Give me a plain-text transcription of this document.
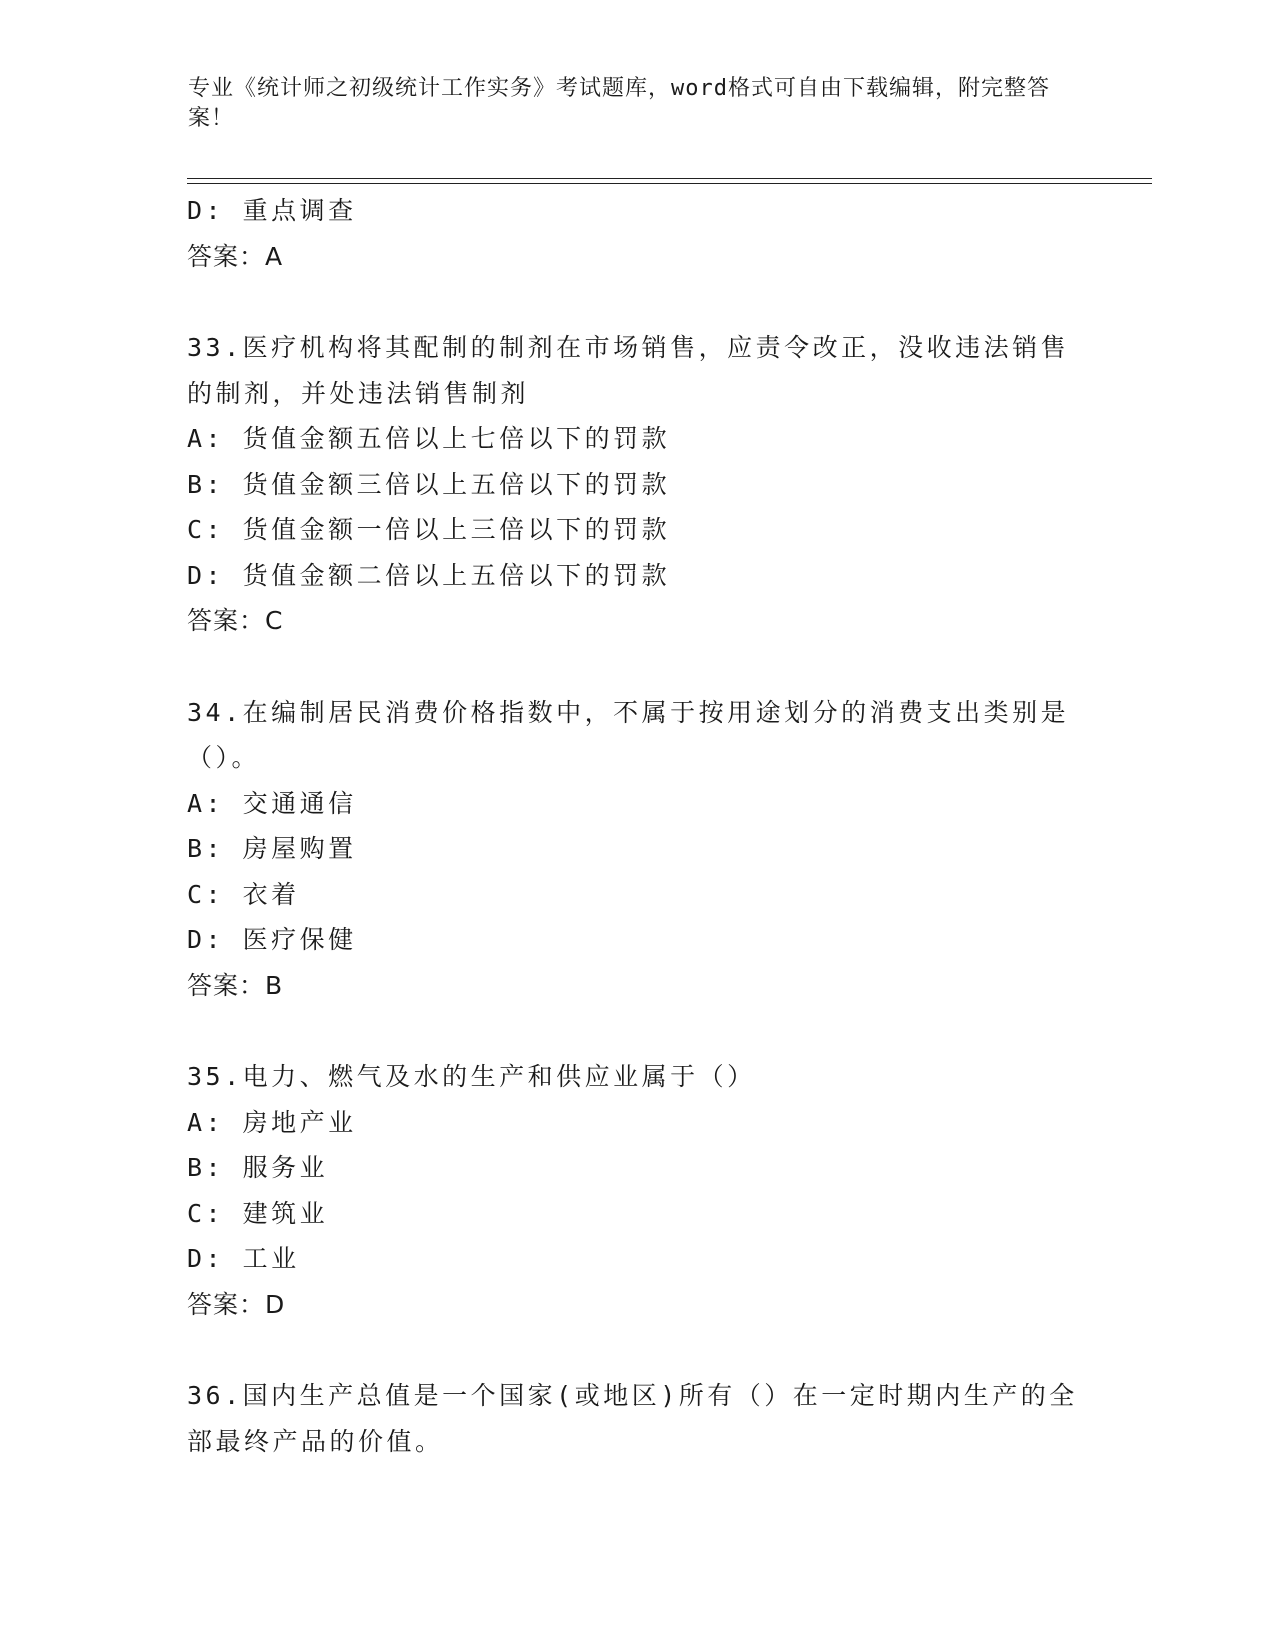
专业《统计师之初级统计工作实务》考试题库，word格式可自由下载编辑，附完整答案！
D: 重点调查
答案：A
33.医疗机构将其配制的制剂在市场销售，应责令改正，没收违法销售的制剂，并处违法销售制剂
A: 货值金额五倍以上七倍以下的罚款
B: 货值金额三倍以上五倍以下的罚款
C: 货值金额一倍以上三倍以下的罚款
D: 货值金额二倍以上五倍以下的罚款
答案：C
34.在编制居民消费价格指数中，不属于按用途划分的消费支出类别是（）。
A: 交通通信
B: 房屋购置
C: 衣着
D: 医疗保健
答案：B
35.电力、燃气及水的生产和供应业属于（）
A: 房地产业
B: 服务业
C: 建筑业
D: 工业
答案：D
36.国内生产总值是一个国家(或地区)所有（）在一定时期内生产的全部最终产品的价值。
